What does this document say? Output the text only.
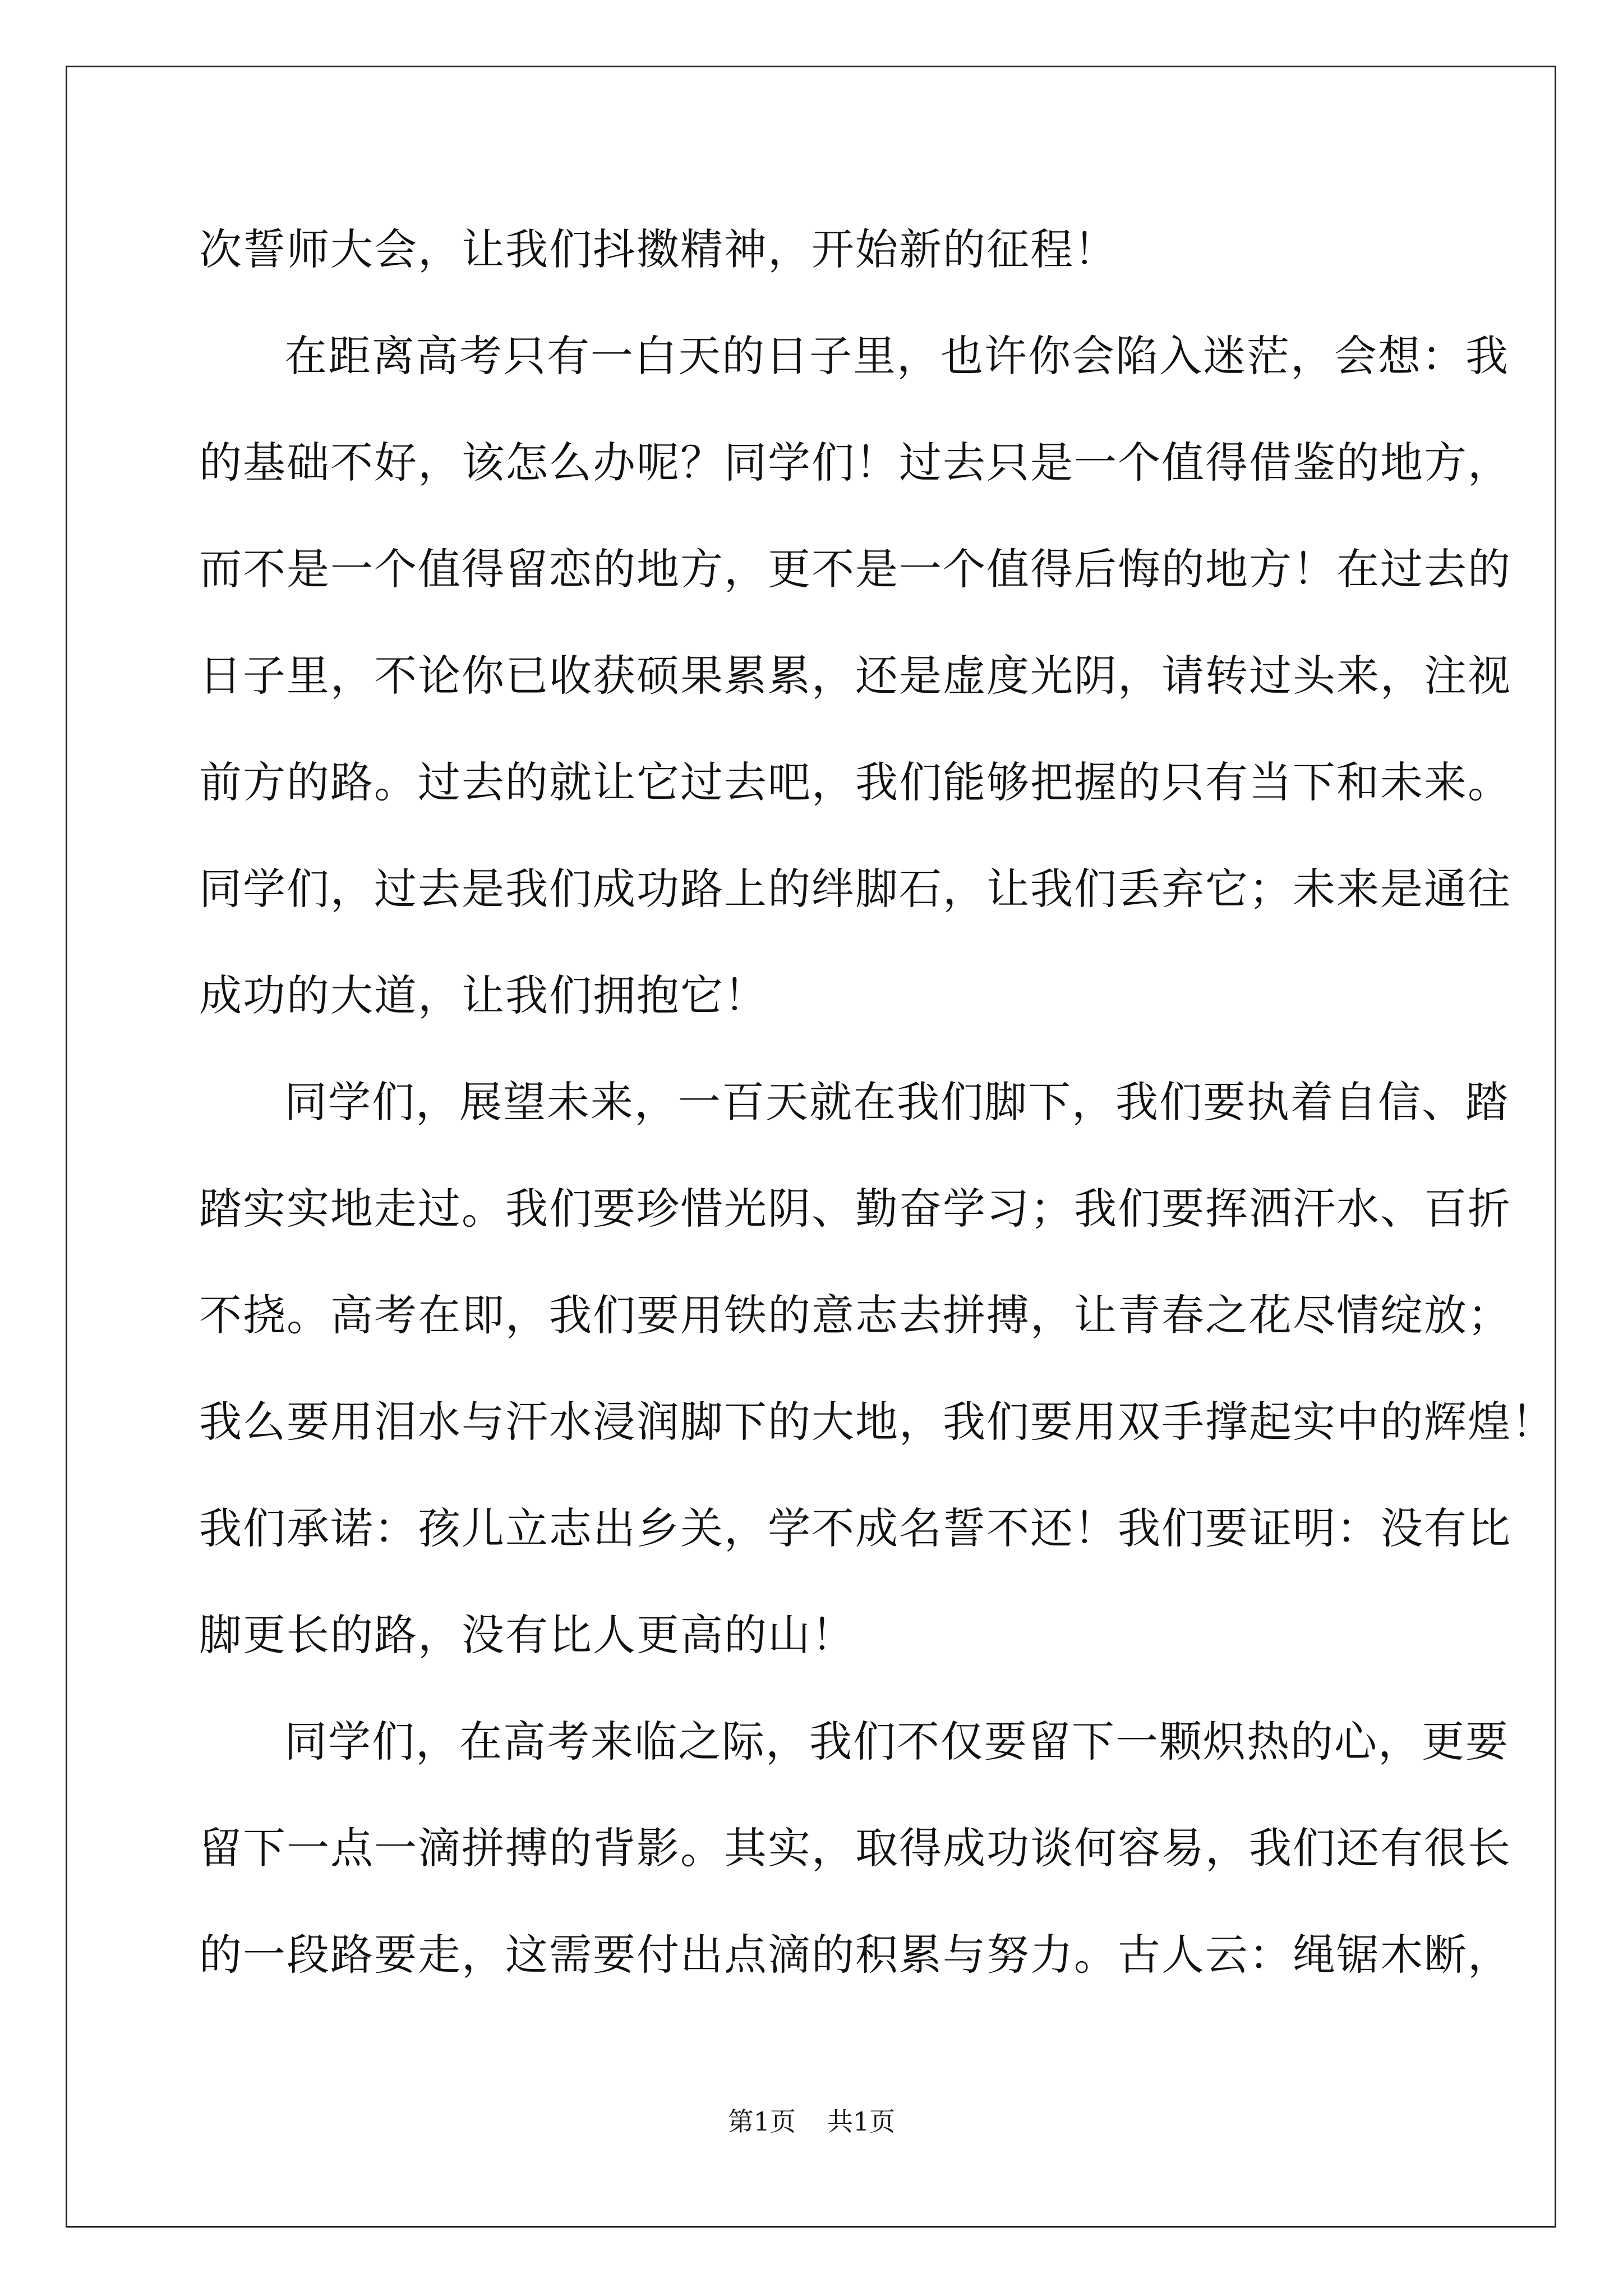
次誓师大会，让我们抖擞精神，开始新的征程！
在距离高考只有一白天的日子里，也许你会陷入迷茫，会想：我
的基础不好，该怎么办呢？同学们！过去只是一个值得借鉴的地方，
而不是一个值得留恋的地方，更不是一个值得后悔的地方！在过去的
日子里，不论你已收获硕果累累，还是虚度光阴，请转过头来，注视
前方的路。过去的就让它过去吧，我们能够把握的只有当下和未来。
同学们，过去是我们成功路上的绊脚石，让我们丢弃它；未来是通往
成功的大道，让我们拥抱它！
同学们，展望未来，一百天就在我们脚下，我们要执着自信、踏
踏实实地走过。我们要珍惜光阴、勤奋学习；我们要挥洒汗水、百折
不挠。高考在即，我们要用铁的意志去拼搏，让青春之花尽情绽放；
我么要用泪水与汗水浸润脚下的大地，我们要用双手撑起实中的辉煌！
我们承诺：孩儿立志出乡关，学不成名誓不还！我们要证明：没有比
脚更长的路，没有比人更高的山！
同学们，在高考来临之际，我们不仅要留下一颗炽热的心，更要
留下一点一滴拼搏的背影。其实，取得成功谈何容易，我们还有很长
的一段路要走，这需要付出点滴的积累与努力。古人云：绳锯木断，
第1页 共1页
